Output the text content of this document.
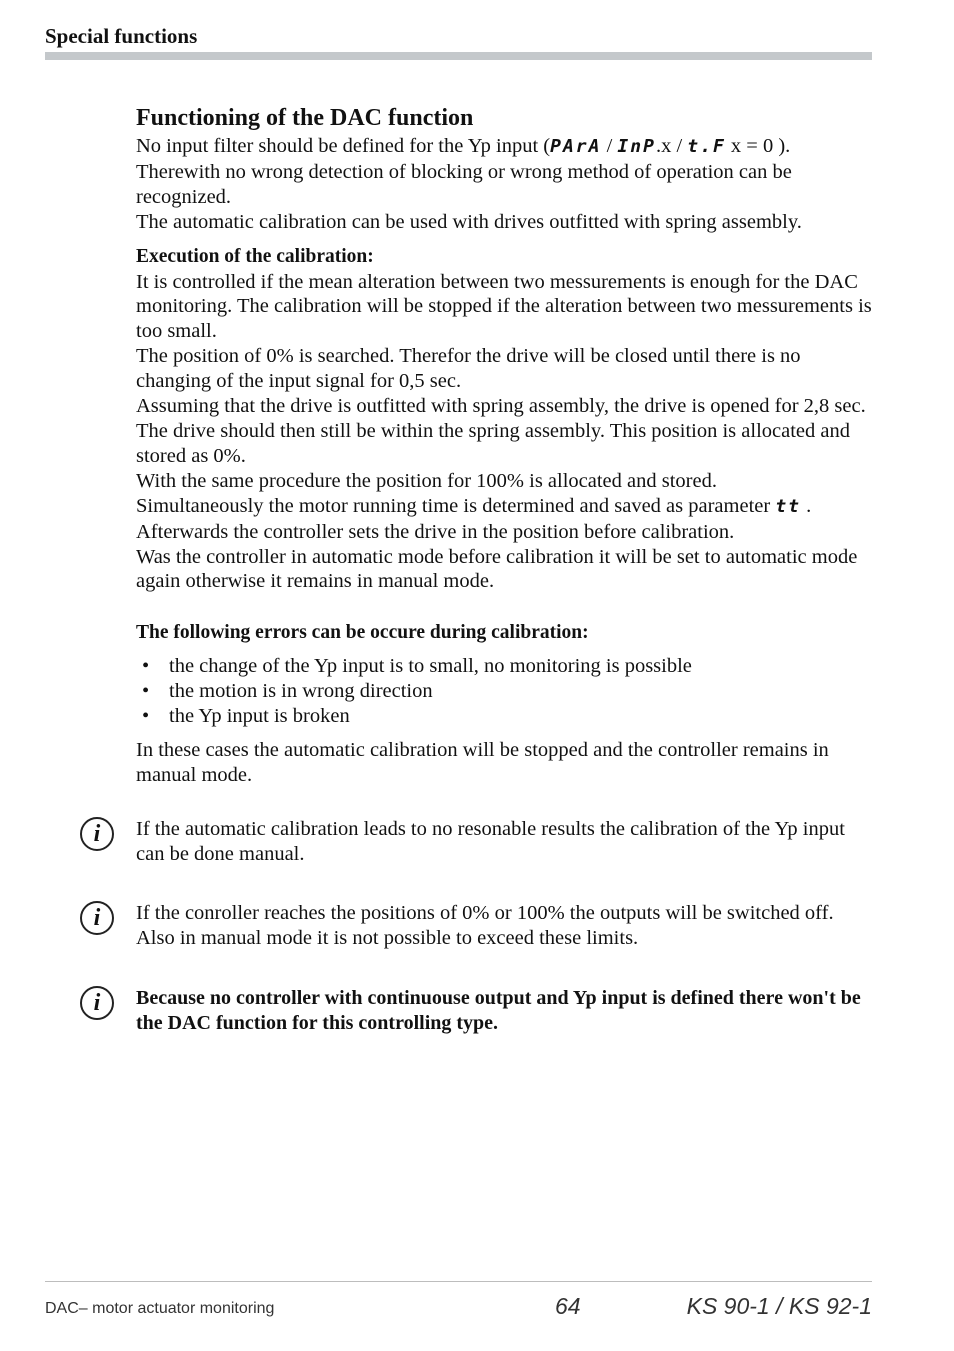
Special functions
Functioning of the DAC function

No input filter should be defined for the Yp input (PArA / InP.x / t.F x = 0 ). Therewith no wrong detection of blocking or wrong method of operation can be recognized.

The automatic calibration can be used with drives outfitted with spring assembly.

Execution of the calibration:

It is controlled if the mean alteration between two messurements is enough for the DAC monitoring. The calibration will be stopped if the alteration between two messurements is too small.

The position of 0% is searched. Therefor the drive will be closed until there is no changing of the input signal for 0,5 sec.

Assuming that the drive is outfitted with spring assembly, the drive is opened for 2,8 sec. The drive should then still be within the spring assembly. This position is allocated and stored as 0%.

With the same procedure the position for 100% is allocated and stored.

Simultaneously the motor running time is determined and saved as parameter tt .

Afterwards the controller sets the drive in the position before calibration.

Was the controller in automatic mode before calibration it will be set to automatic mode again otherwise it remains in manual mode.

The following errors can be occure during calibration:

• the change of the Yp input is to small, no monitoring is possible
• the motion is in wrong direction
• the Yp input is broken

In these cases the automatic calibration will be stopped and the controller remains in manual mode.

i	If the automatic calibration leads to no resonable results the calibration of the Yp input can be done manual.
i	If the conroller reaches the positions of 0% or 100% the outputs will be switched off. Also in manual mode it is not possible to exceed these limits.
i	Because no controller with continuouse output and Yp input is defined there won't be the DAC function for this controlling type.
DAC– motor actuator monitoring	64	KS 90-1 / KS 92-1
